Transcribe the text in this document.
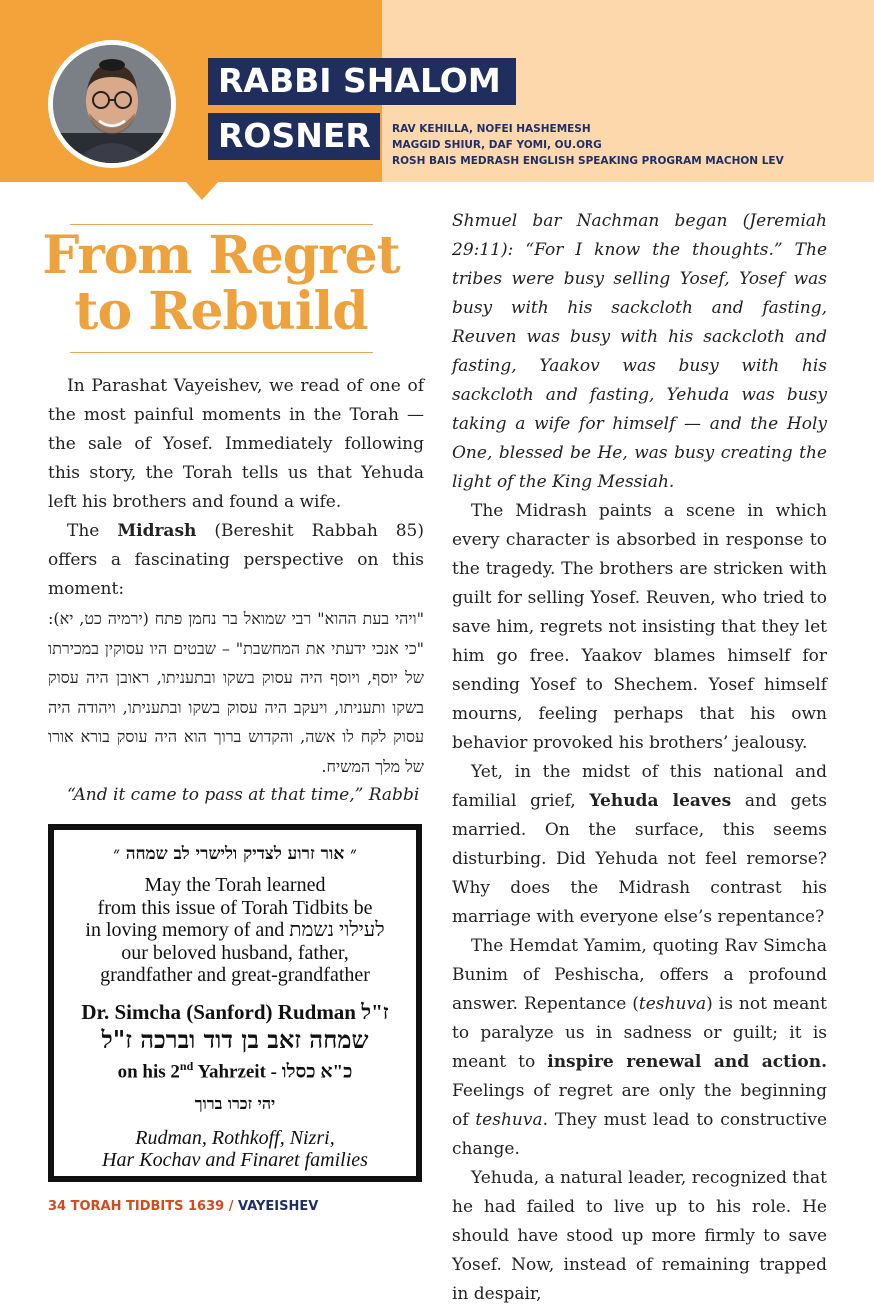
RABBI SHALOM
ROSNER	RAV KEHILLA, NOFEI HASHEMESH
MAGGID SHIUR, DAF YOMI, OU.ORG
ROSH BAIS MEDRASH ENGLISH SPEAKING PROGRAM MACHON LEV
From Regret
to Rebuild

In Parashat Vayeishev, we read of one of the most painful moments in the Torah — the sale of Yosef. Immediately following this story, the Torah tells us that Yehuda left his brothers and found a wife.

The Midrash (Bereshit Rabbah 85) offers a fascinating perspective on this moment:

"ויהי בעת ההוא" רבי שמואל בר נחמן פתח (ירמיה כט, יא): "כי אנכי ידעתי את המחשבת" – שבטים היו עסוקין במכירתו של יוסף, ויוסף היה עסוק בשקו ובתעניתו, ראובן היה עסוק בשקו ותעניתו, ויעקב היה עסוק בשקו ובתעניתו, ויהודה היה עסוק לקח לו אשה, והקדוש ברוך הוא היה עוסק בורא אורו של מלך המשיח.

“And it came to pass at that time,” Rabbi

״ אור זרוע לצדיק ולישרי לב שמחה ״
May the Torah learned
from this issue of Torah Tidbits be
in loving memory of and לעילוי נשמת
our beloved husband, father,
grandfather and great-grandfather
Dr. Simcha (Sanford) Rudman ז"ל
שמחה זאב בן דוד וברכה ז"ל
on his 2nd Yahrzeit - כ"א כסלו
יהי זכרו ברוך
Rudman, Rothkoff, Nizri,
Har Kochav and Finaret families

Shmuel bar Nachman began (Jeremiah 29:11): “For I know the thoughts.” The tribes were busy selling Yosef, Yosef was busy with his sackcloth and fasting, Reuven was busy with his sackcloth and fasting, Yaakov was busy with his sackcloth and fasting, Yehuda was busy taking a wife for himself — and the Holy One, blessed be He, was busy creating the light of the King Messiah.

The Midrash paints a scene in which every character is absorbed in response to the tragedy. The brothers are stricken with guilt for selling Yosef. Reuven, who tried to save him, regrets not insisting that they let him go free. Yaakov blames himself for sending Yosef to Shechem. Yosef himself mourns, feeling perhaps that his own behavior provoked his brothers’ jealousy.

Yet, in the midst of this national and familial grief, Yehuda leaves and gets married. On the surface, this seems disturbing. Did Yehuda not feel remorse? Why does the Midrash contrast his marriage with everyone else’s repentance?

The Hemdat Yamim, quoting Rav Simcha Bunim of Peshischa, offers a profound answer. Repentance (teshuva) is not meant to paralyze us in sadness or guilt; it is meant to inspire renewal and action. Feelings of regret are only the beginning of teshuva. They must lead to constructive change.

Yehuda, a natural leader, recognized that he had failed to live up to his role. He should have stood up more firmly to save Yosef. Now, instead of remaining trapped in despair,

34 TORAH TIDBITS 1639 / VAYEISHEV
